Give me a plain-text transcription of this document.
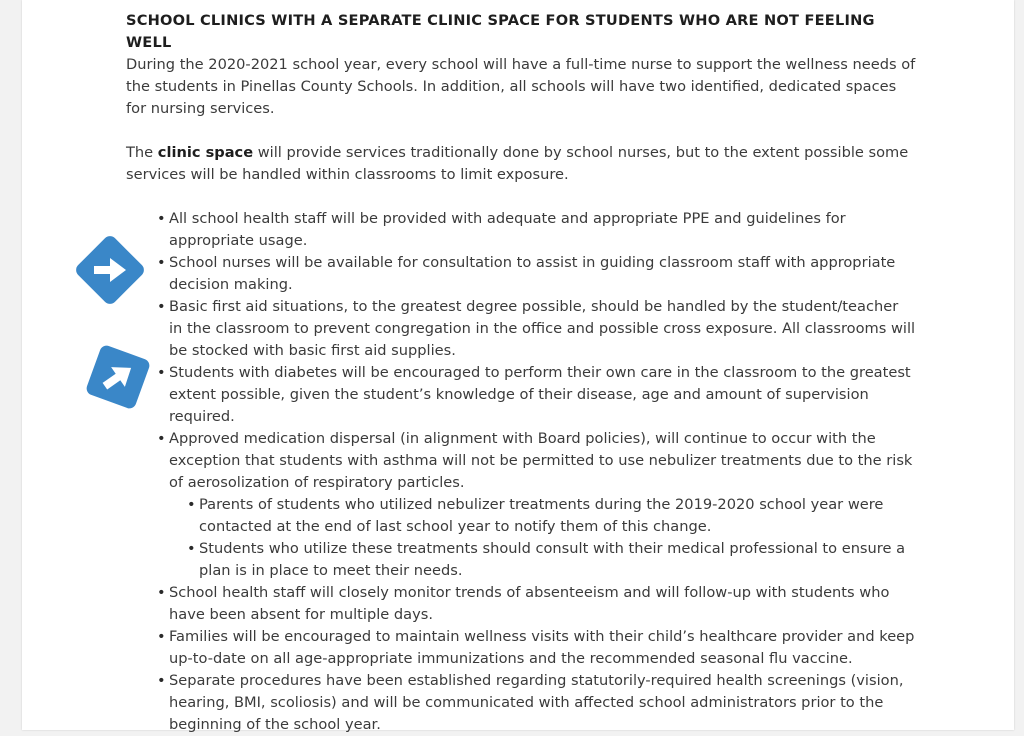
SCHOOL CLINICS WITH A SEPARATE CLINIC SPACE FOR STUDENTS WHO ARE NOT FEELING WELL

During the 2020-2021 school year, every school will have a full-time nurse to support the wellness needs of the students in Pinellas County Schools. In addition, all schools will have two identified, dedicated spaces for nursing services.

The clinic space will provide services traditionally done by school nurses, but to the extent possible some services will be handled within classrooms to limit exposure.

• All school health staff will be provided with adequate and appropriate PPE and guidelines for appropriate usage.
• School nurses will be available for consultation to assist in guiding classroom staff with appropriate decision making.
• Basic first aid situations, to the greatest degree possible, should be handled by the student/teacher in the classroom to prevent congregation in the office and possible cross exposure. All classrooms will be stocked with basic first aid supplies.
• Students with diabetes will be encouraged to perform their own care in the classroom to the greatest extent possible, given the student’s knowledge of their disease, age and amount of supervision required.
• Approved medication dispersal (in alignment with Board policies), will continue to occur with the exception that students with asthma will not be permitted to use nebulizer treatments due to the risk of aerosolization of respiratory particles.
• Parents of students who utilized nebulizer treatments during the 2019-2020 school year were contacted at the end of last school year to notify them of this change.
• Students who utilize these treatments should consult with their medical professional to ensure a plan is in place to meet their needs.
• School health staff will closely monitor trends of absenteeism and will follow-up with students who have been absent for multiple days.
• Families will be encouraged to maintain wellness visits with their child’s healthcare provider and keep up-to-date on all age-appropriate immunizations and the recommended seasonal flu vaccine.
• Separate procedures have been established regarding statutorily-required health screenings (vision, hearing, BMI, scoliosis) and will be communicated with affected school administrators prior to the beginning of the school year.
